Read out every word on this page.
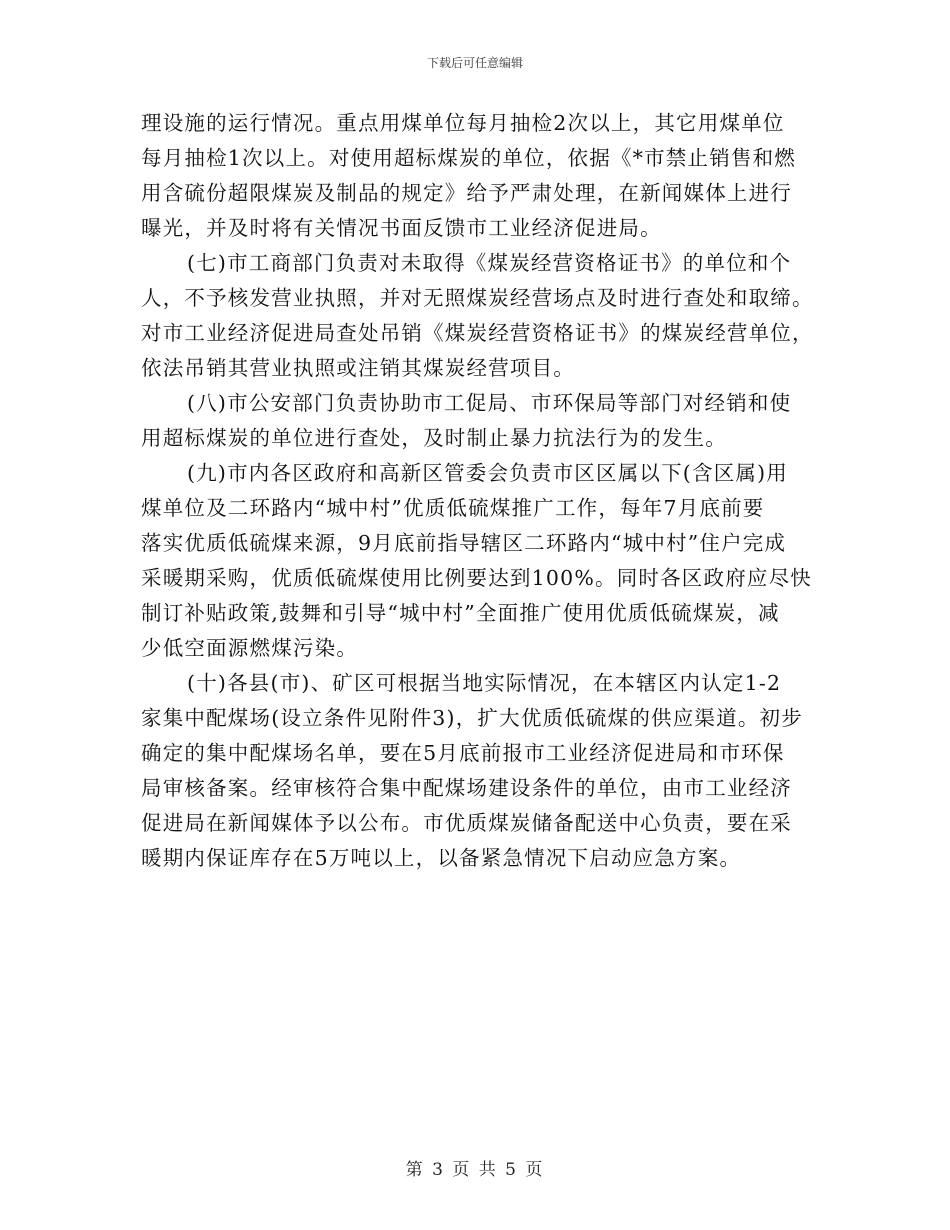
下载后可任意编辑
理设施的运行情况。重点用煤单位每月抽检2次以上，其它用煤单位
每月抽检1次以上。对使用超标煤炭的单位，依据《*市禁止销售和燃
用含硫份超限煤炭及制品的规定》给予严肃处理，在新闻媒体上进行
曝光，并及时将有关情况书面反馈市工业经济促进局。
(七)市工商部门负责对未取得《煤炭经营资格证书》的单位和个
人，不予核发营业执照，并对无照煤炭经营场点及时进行查处和取缔。
对市工业经济促进局查处吊销《煤炭经营资格证书》的煤炭经营单位，
依法吊销其营业执照或注销其煤炭经营项目。
(八)市公安部门负责协助市工促局、市环保局等部门对经销和使
用超标煤炭的单位进行查处，及时制止暴力抗法行为的发生。
(九)市内各区政府和高新区管委会负责市区区属以下(含区属)用
煤单位及二环路内“城中村”优质低硫煤推广工作，每年7月底前要
落实优质低硫煤来源，9月底前指导辖区二环路内“城中村”住户完成
采暖期采购，优质低硫煤使用比例要达到100%。同时各区政府应尽快
制订补贴政策,鼓舞和引导“城中村”全面推广使用优质低硫煤炭，减
少低空面源燃煤污染。
(十)各县(市)、矿区可根据当地实际情况，在本辖区内认定1-2
家集中配煤场(设立条件见附件3)，扩大优质低硫煤的供应渠道。初步
确定的集中配煤场名单，要在5月底前报市工业经济促进局和市环保
局审核备案。经审核符合集中配煤场建设条件的单位，由市工业经济
促进局在新闻媒体予以公布。市优质煤炭储备配送中心负责，要在采
暖期内保证库存在5万吨以上，以备紧急情况下启动应急方案。
第 3 页 共 5 页
